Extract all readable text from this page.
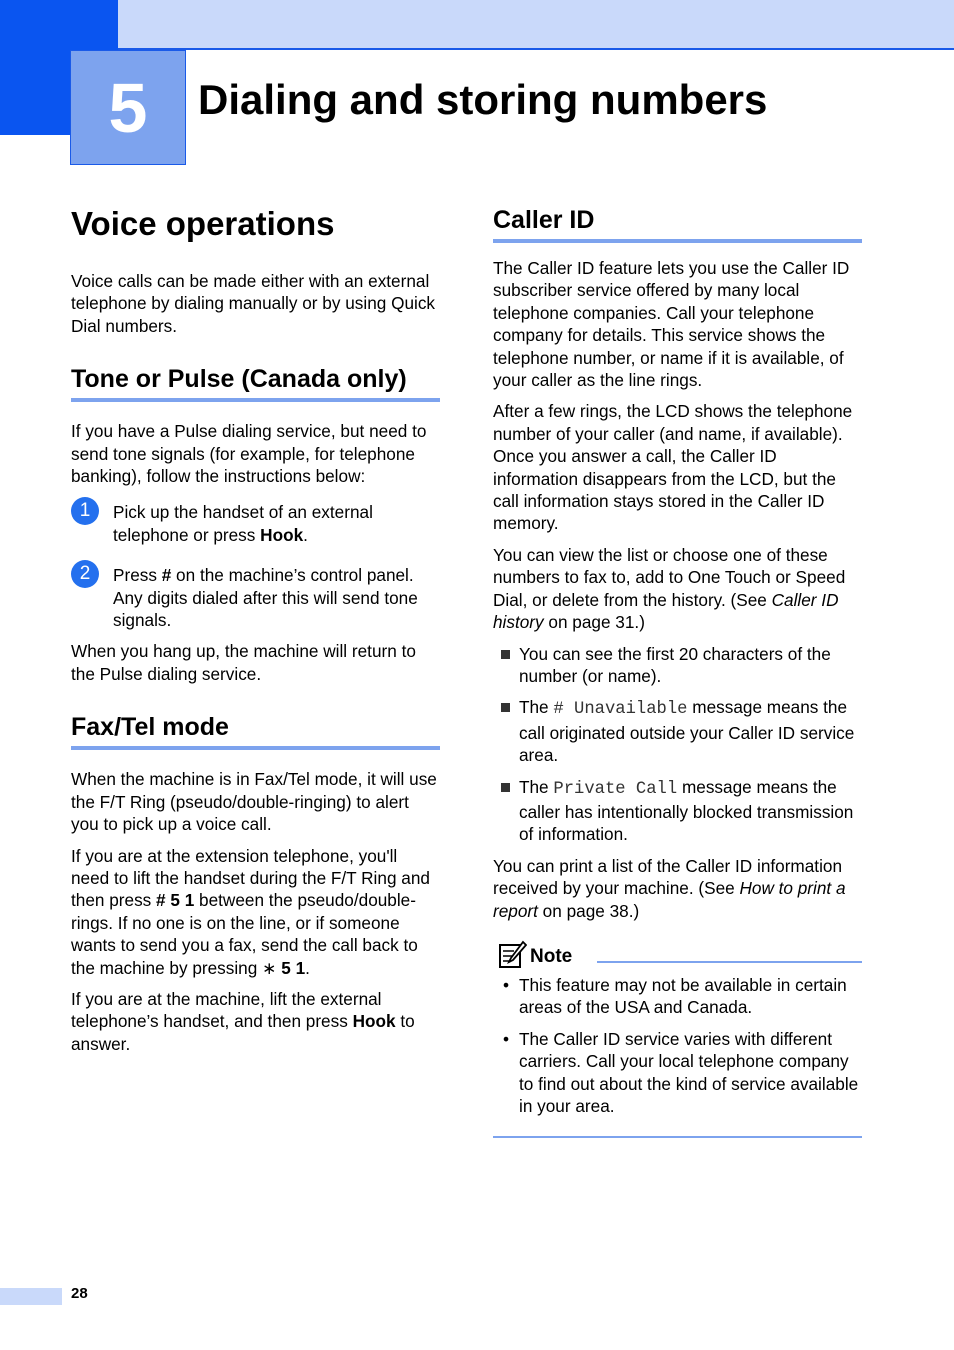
5	Dialing and storing numbers
Voice operations

Voice calls can be made either with an external telephone by dialing manually or by using Quick Dial numbers.

Tone or Pulse (Canada only)

If you have a Pulse dialing service, but need to send tone signals (for example, for telephone banking), follow the instructions below:

1	Pick up the handset of an external telephone or press Hook.
2	Press # on the machine’s control panel. Any digits dialed after this will send tone signals.

When you hang up, the machine will return to the Pulse dialing service.

Fax/Tel mode

When the machine is in Fax/Tel mode, it will use the F/T Ring (pseudo/double-ringing) to alert you to pick up a voice call.

If you are at the extension telephone, you'll need to lift the handset during the F/T Ring and then press # 5 1 between the pseudo/double-rings. If no one is on the line, or if someone wants to send you a fax, send the call back to the machine by pressing ∗ 5 1.

If you are at the machine, lift the external telephone’s handset, and then press Hook to answer.

Caller ID

The Caller ID feature lets you use the Caller ID subscriber service offered by many local telephone companies. Call your telephone company for details. This service shows the telephone number, or name if it is available, of your caller as the line rings.

After a few rings, the LCD shows the telephone number of your caller (and name, if available). Once you answer a call, the Caller ID information disappears from the LCD, but the call information stays stored in the Caller ID memory.

You can view the list or choose one of these numbers to fax to, add to One Touch or Speed Dial, or delete from the history. (See Caller ID history on page 31.)

You can see the first 20 characters of the number (or name).
The # Unavailable message means the call originated outside your Caller ID service area.
The Private Call message means the caller has intentionally blocked transmission of information.

You can print a list of the Caller ID information received by your machine. (See How to print a report on page 38.)

Note
• This feature may not be available in certain areas of the USA and Canada.
• The Caller ID service varies with different carriers. Call your local telephone company to find out about the kind of service available in your area.
28
